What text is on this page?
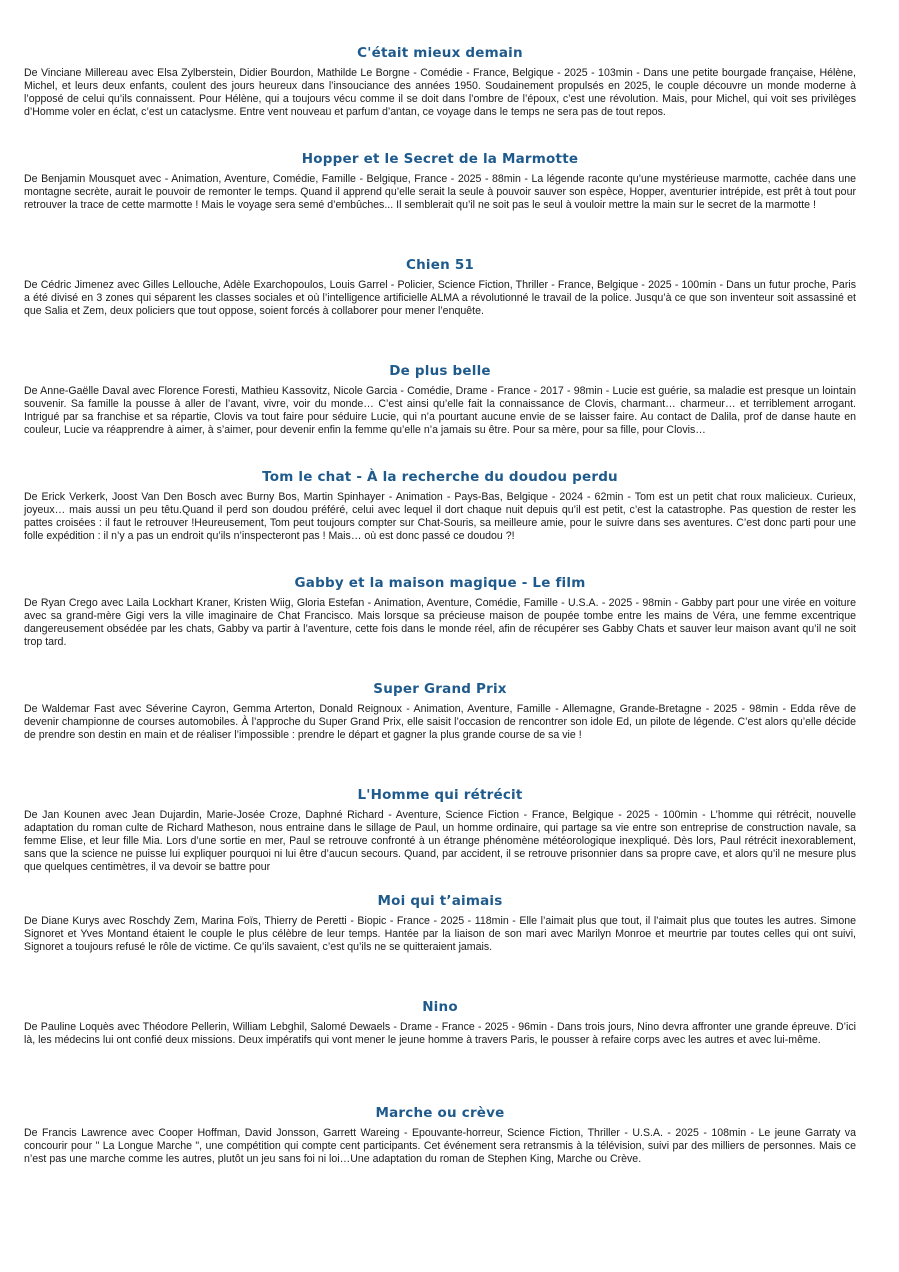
C'était mieux demain

De Vinciane Millereau avec Elsa Zylberstein, Didier Bourdon, Mathilde Le Borgne - Comédie - France, Belgique - 2025 - 103min - Dans une petite bourgade française, Hélène, Michel, et leurs deux enfants, coulent des jours heureux dans l’insouciance des années 1950. Soudainement propulsés en 2025, le couple découvre un monde moderne à l’opposé de celui qu’ils connaissent. Pour Hélène, qui a toujours vécu comme il se doit dans l’ombre de l’époux, c’est une révolution. Mais, pour Michel, qui voit ses privilèges d’Homme voler en éclat, c’est un cataclysme. Entre vent nouveau et parfum d’antan, ce voyage dans le temps ne sera pas de tout repos.

Hopper et le Secret de la Marmotte

De Benjamin Mousquet avec - Animation, Aventure, Comédie, Famille - Belgique, France - 2025 - 88min - La légende raconte qu’une mystérieuse marmotte, cachée dans une montagne secrète, aurait le pouvoir de remonter le temps. Quand il apprend qu’elle serait la seule à pouvoir sauver son espèce, Hopper, aventurier intrépide, est prêt à tout pour retrouver la trace de cette marmotte ! Mais le voyage sera semé d’embûches... Il semblerait qu’il ne soit pas le seul à vouloir mettre la main sur le secret de la marmotte !

Chien 51

De Cédric Jimenez avec Gilles Lellouche, Adèle Exarchopoulos, Louis Garrel - Policier, Science Fiction, Thriller - France, Belgique - 2025 - 100min - Dans un futur proche, Paris a été divisé en 3 zones qui séparent les classes sociales et où l’intelligence artificielle ALMA a révolutionné le travail de la police. Jusqu’à ce que son inventeur soit assassiné et que Salia et Zem, deux policiers que tout oppose, soient forcés à collaborer pour mener l’enquête.

De plus belle

De Anne-Gaëlle Daval avec Florence Foresti, Mathieu Kassovitz, Nicole Garcia - Comédie, Drame - France - 2017 - 98min - Lucie est guérie, sa maladie est presque un lointain souvenir. Sa famille la pousse à aller de l’avant, vivre, voir du monde… C’est ainsi qu’elle fait la connaissance de Clovis, charmant… charmeur… et terriblement arrogant. Intrigué par sa franchise et sa répartie, Clovis va tout faire pour séduire Lucie, qui n’a pourtant aucune envie de se laisser faire. Au contact de Dalila, prof de danse haute en couleur, Lucie va réapprendre à aimer, à s’aimer, pour devenir enfin la femme qu’elle n’a jamais su être. Pour sa mère, pour sa fille, pour Clovis…

Tom le chat - À la recherche du doudou perdu

De Erick Verkerk, Joost Van Den Bosch avec Burny Bos, Martin Spinhayer - Animation - Pays-Bas, Belgique - 2024 - 62min - Tom est un petit chat roux malicieux. Curieux, joyeux… mais aussi un peu têtu.Quand il perd son doudou préféré, celui avec lequel il dort chaque nuit depuis qu’il est petit, c’est la catastrophe. Pas question de rester les pattes croisées : il faut le retrouver !Heureusement, Tom peut toujours compter sur Chat-Souris, sa meilleure amie, pour le suivre dans ses aventures. C’est donc parti pour une folle expédition : il n’y a pas un endroit qu’ils n’inspecteront pas ! Mais… où est donc passé ce doudou ?!

Gabby et la maison magique - Le film

De Ryan Crego avec Laila Lockhart Kraner, Kristen Wiig, Gloria Estefan - Animation, Aventure, Comédie, Famille - U.S.A. - 2025 - 98min - Gabby part pour une virée en voiture avec sa grand-mère Gigi vers la ville imaginaire de Chat Francisco. Mais lorsque sa précieuse maison de poupée tombe entre les mains de Véra, une femme excentrique dangereusement obsédée par les chats, Gabby va partir à l’aventure, cette fois dans le monde réel, afin de récupérer ses Gabby Chats et sauver leur maison avant qu’il ne soit trop tard.

Super Grand Prix

De Waldemar Fast avec Séverine Cayron, Gemma Arterton, Donald Reignoux - Animation, Aventure, Famille - Allemagne, Grande-Bretagne - 2025 - 98min - Edda rêve de devenir championne de courses automobiles. À l’approche du Super Grand Prix, elle saisit l’occasion de rencontrer son idole Ed, un pilote de légende. C’est alors qu’elle décide de prendre son destin en main et de réaliser l’impossible : prendre le départ et gagner la plus grande course de sa vie !

L'Homme qui rétrécit

De Jan Kounen avec Jean Dujardin, Marie-Josée Croze, Daphné Richard - Aventure, Science Fiction - France, Belgique - 2025 - 100min - L’homme qui rétrécit, nouvelle adaptation du roman culte de Richard Matheson, nous entraine dans le sillage de Paul, un homme ordinaire, qui partage sa vie entre son entreprise de construction navale, sa femme Elise, et leur fille Mia. Lors d’une sortie en mer, Paul se retrouve confronté à un étrange phénomène météorologique inexpliqué. Dès lors, Paul rétrécit inexorablement, sans que la science ne puisse lui expliquer pourquoi ni lui être d’aucun secours. Quand, par accident, il se retrouve prisonnier dans sa propre cave, et alors qu’il ne mesure plus que quelques centimètres, il va devoir se battre pour

Moi qui t’aimais

De Diane Kurys avec Roschdy Zem, Marina Foïs, Thierry de Peretti - Biopic - France - 2025 - 118min - Elle l’aimait plus que tout, il l’aimait plus que toutes les autres. Simone Signoret et Yves Montand étaient le couple le plus célèbre de leur temps. Hantée par la liaison de son mari avec Marilyn Monroe et meurtrie par toutes celles qui ont suivi, Signoret a toujours refusé le rôle de victime. Ce qu’ils savaient, c’est qu’ils ne se quitteraient jamais.

Nino

De Pauline Loquès avec Théodore Pellerin, William Lebghil, Salomé Dewaels - Drame - France - 2025 - 96min - Dans trois jours, Nino devra affronter une grande épreuve. D’ici là, les médecins lui ont confié deux missions. Deux impératifs qui vont mener le jeune homme à travers Paris, le pousser à refaire corps avec les autres et avec lui-même.

Marche ou crève

De Francis Lawrence avec Cooper Hoffman, David Jonsson, Garrett Wareing - Epouvante-horreur, Science Fiction, Thriller - U.S.A. - 2025 - 108min - Le jeune Garraty va concourir pour " La Longue Marche ", une compétition qui compte cent participants. Cet événement sera retransmis à la télévision, suivi par des milliers de personnes. Mais ce n’est pas une marche comme les autres, plutôt un jeu sans foi ni loi…Une adaptation du roman de Stephen King, Marche ou Crève.
